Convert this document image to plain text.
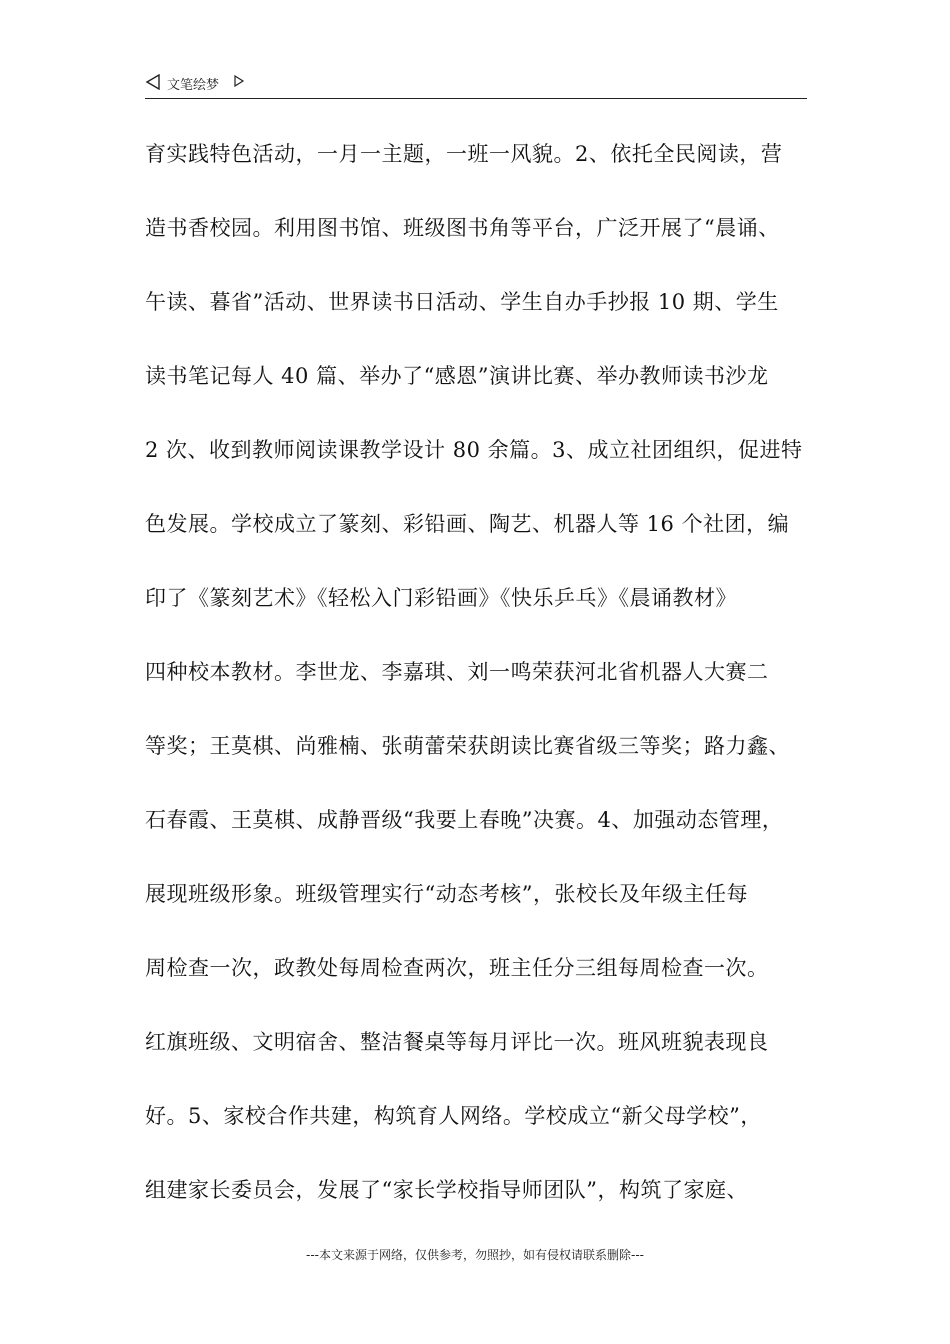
文笔绘梦
育实践特色活动，一月一主题，一班一风貌。2、依托全民阅读，营
造书香校园。利用图书馆、班级图书角等平台，广泛开展了“晨诵、
午读、暮省”活动、世界读书日活动、学生自办手抄报 10 期、学生
读书笔记每人 40 篇、举办了“感恩”演讲比赛、举办教师读书沙龙
2 次、收到教师阅读课教学设计 80 余篇。3、成立社团组织，促进特
色发展。学校成立了篆刻、彩铅画、陶艺、机器人等 16 个社团，编
印了《篆刻艺术》《轻松入门彩铅画》《快乐乒乓》《晨诵教材》
四种校本教材。李世龙、李嘉琪、刘一鸣荣获河北省机器人大赛二
等奖；王莫棋、尚雅楠、张萌蕾荣获朗读比赛省级三等奖；路力鑫、
石春霞、王莫棋、成静晋级“我要上春晚”决赛。4、加强动态管理，
展现班级形象。班级管理实行“动态考核”，张校长及年级主任每
周检查一次，政教处每周检查两次，班主任分三组每周检查一次。
红旗班级、文明宿舍、整洁餐桌等每月评比一次。班风班貌表现良
好。5、家校合作共建，构筑育人网络。学校成立“新父母学校”，
组建家长委员会，发展了“家长学校指导师团队”，构筑了家庭、
---本文来源于网络，仅供参考，勿照抄，如有侵权请联系删除---
